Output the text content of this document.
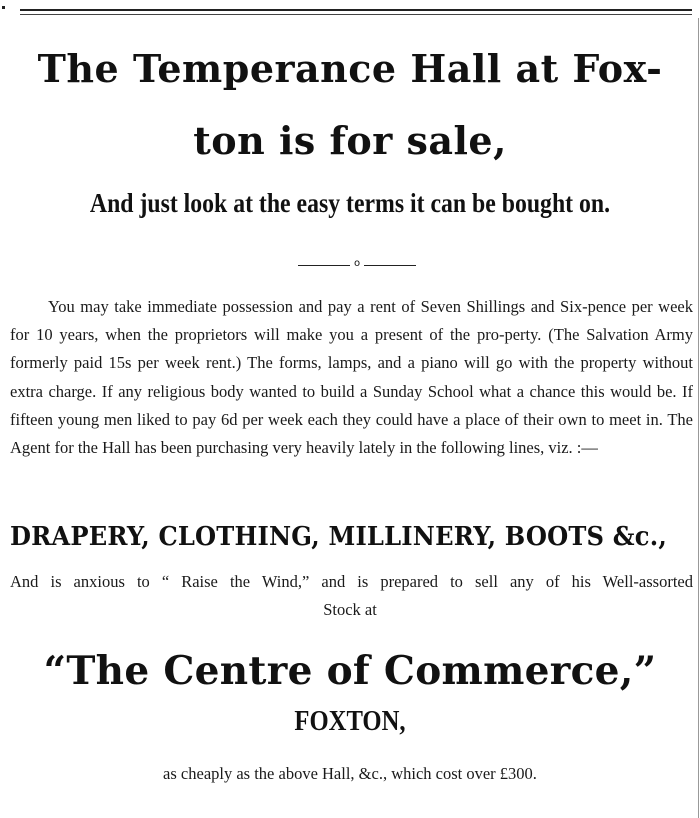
The Temperance Hall at Fox-
ton is for sale,
And just look at the easy terms it can be bought on.
o
You may take immediate possession and pay a rent of Seven Shillings and Six-pence per week for 10 years, when the proprietors will make you a present of the pro-perty. (The Salvation Army formerly paid 15s per week rent.) The forms, lamps, and a piano will go with the property without extra charge. If any religious body wanted to build a Sunday School what a chance this would be. If fifteen young men liked to pay 6d per week each they could have a place of their own to meet in. The Agent for the Hall has been purchasing very heavily lately in the following lines, viz. :—
DRAPERY, CLOTHING, MILLINERY, BOOTS &c.,
And is anxious to “ Raise the Wind,” and is prepared to sell any of his Well-assorted
Stock at
“The Centre of Commerce,”
FOXTON,
as cheaply as the above Hall, &c., which cost over £300.
